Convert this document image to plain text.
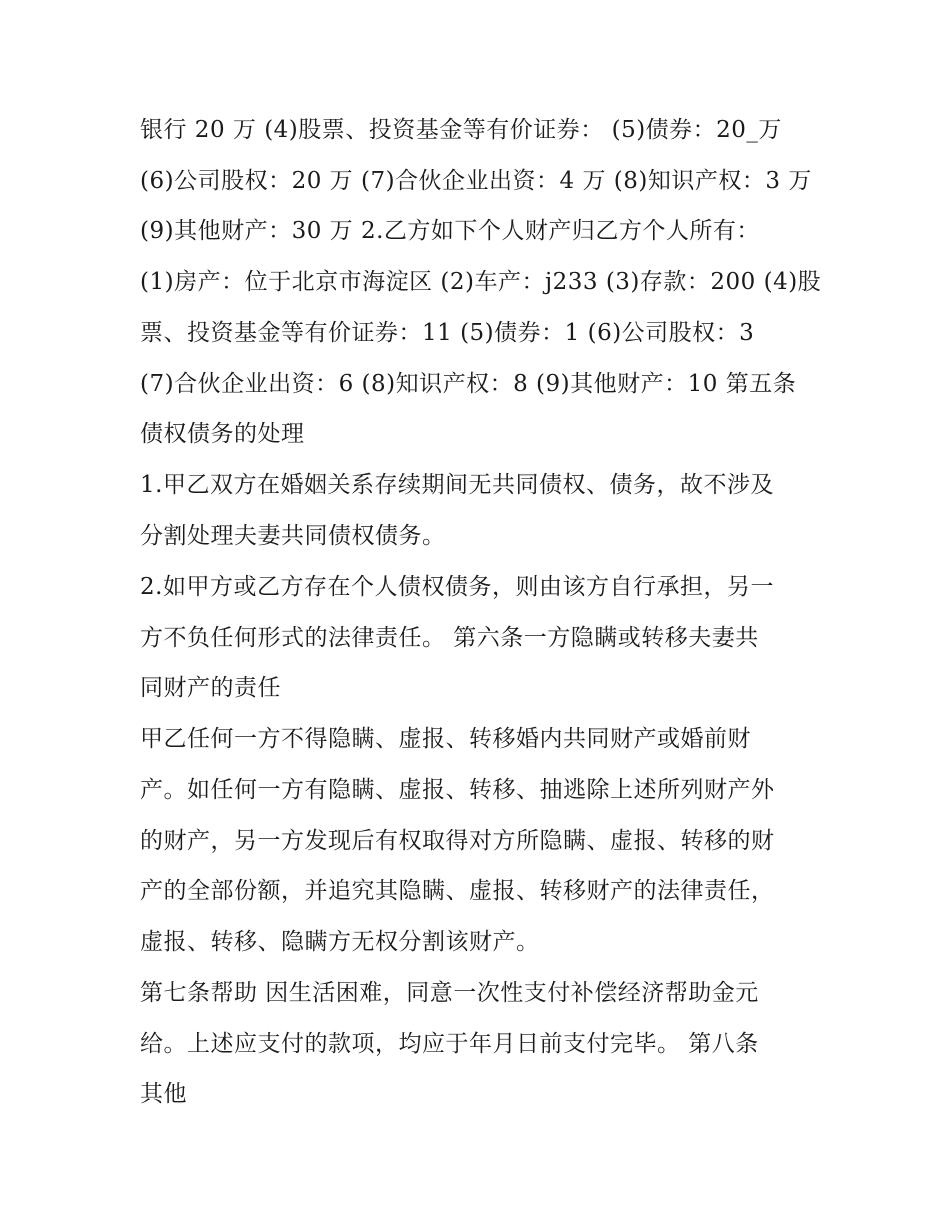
银行 20 万 (4)股票、投资基金等有价证券： (5)债券：20_万

(6)公司股权：20 万 (7)合伙企业出资：4 万 (8)知识产权：3 万

(9)其他财产：30 万 2.乙方如下个人财产归乙方个人所有：

(1)房产：位于北京市海淀区 (2)车产：j233 (3)存款：200 (4)股

票、投资基金等有价证券：11 (5)债券：1 (6)公司股权：3

(7)合伙企业出资：6 (8)知识产权：8 (9)其他财产：10 第五条

债权债务的处理

1.甲乙双方在婚姻关系存续期间无共同债权、债务，故不涉及

分割处理夫妻共同债权债务。

2.如甲方或乙方存在个人债权债务，则由该方自行承担，另一

方不负任何形式的法律责任。 第六条一方隐瞒或转移夫妻共

同财产的责任

甲乙任何一方不得隐瞒、虚报、转移婚内共同财产或婚前财

产。如任何一方有隐瞒、虚报、转移、抽逃除上述所列财产外

的财产，另一方发现后有权取得对方所隐瞒、虚报、转移的财

产的全部份额，并追究其隐瞒、虚报、转移财产的法律责任，

虚报、转移、隐瞒方无权分割该财产。

第七条帮助 因生活困难，同意一次性支付补偿经济帮助金元

给。上述应支付的款项，均应于年月日前支付完毕。 第八条

其他
